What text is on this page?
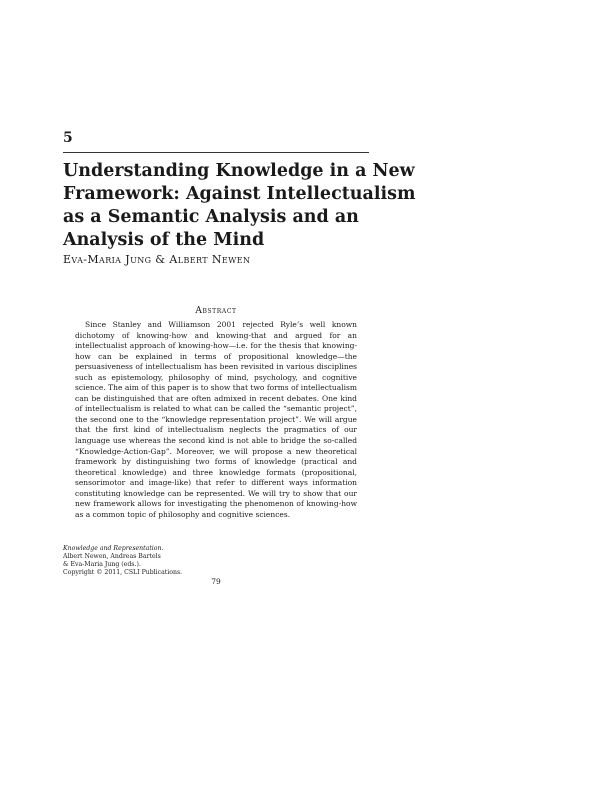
5
Understanding Knowledge in a New
Framework: Against Intellectualism
as a Semantic Analysis and an
Analysis of the Mind
Eva-Maria Jung & Albert Newen
Abstract

Since Stanley and Williamson 2001 rejected Ryle’s well known dichotomy of knowing-how and knowing-that and argued for an intellectualist approach of knowing-how—i.e. for the thesis that knowing-how can be explained in terms of propositional knowledge—the persuasiveness of intellectualism has been revisited in various disciplines such as epistemology, philosophy of mind, psychology, and cognitive science. The aim of this paper is to show that two forms of intellectualism can be distinguished that are often admixed in recent debates. One kind of intellectualism is related to what can be called the “semantic project”, the second one to the “knowledge representation project”. We will argue that the first kind of intellectualism neglects the pragmatics of our language use whereas the second kind is not able to bridge the so-called “Knowledge-Action-Gap”. Moreover, we will propose a new theoretical framework by distinguishing two forms of knowledge (practical and theoretical knowledge) and three knowledge formats (propositional, sensorimotor and image-like) that refer to different ways information constituting knowledge can be represented. We will try to show that our new framework allows for investigating the phenomenon of knowing-how as a common topic of philosophy and cognitive sciences.

Knowledge and Representation.
Albert Newen, Andreas Bartels
& Eva-Maria Jung (eds.).
Copyright © 2011, CSLI Publications.
79
